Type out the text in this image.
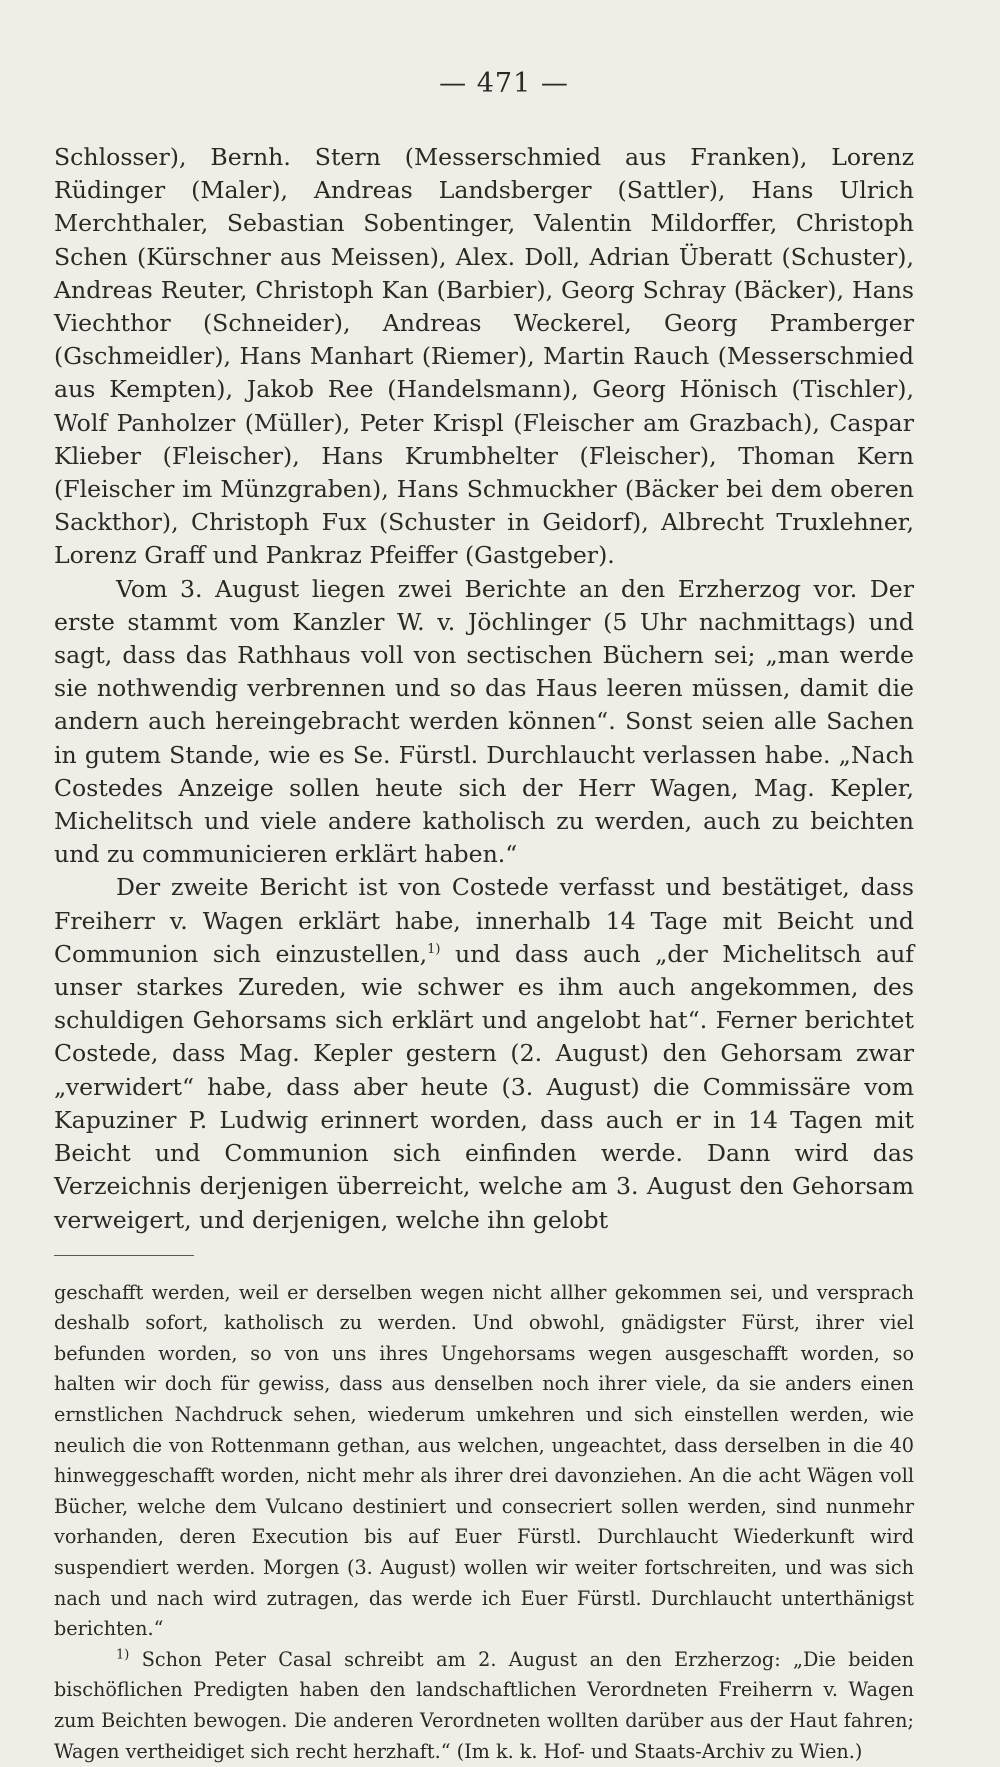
— 471 —

Schlosser), Bernh. Stern (Messerschmied aus Franken), Lorenz Rüdinger (Maler), Andreas Landsberger (Sattler), Hans Ulrich Merchthaler, Sebastian Sobentinger, Valentin Mildorffer, Christoph Schen (Kürschner aus Meissen), Alex. Doll, Adrian Überatt (Schuster), Andreas Reuter, Christoph Kan (Barbier), Georg Schray (Bäcker), Hans Viechthor (Schneider), Andreas Weckerel, Georg Pramberger (Gschmeidler), Hans Manhart (Riemer), Martin Rauch (Messerschmied aus Kempten), Jakob Ree (Handelsmann), Georg Hönisch (Tischler), Wolf Panholzer (Müller), Peter Krispl (Fleischer am Grazbach), Caspar Klieber (Fleischer), Hans Krumbhelter (Fleischer), Thoman Kern (Fleischer im Münzgraben), Hans Schmuckher (Bäcker bei dem oberen Sackthor), Christoph Fux (Schuster in Geidorf), Albrecht Truxlehner, Lorenz Graff und Pankraz Pfeiffer (Gastgeber).

Vom 3. August liegen zwei Berichte an den Erzherzog vor. Der erste stammt vom Kanzler W. v. Jöchlinger (5 Uhr nachmittags) und sagt, dass das Rathhaus voll von sectischen Büchern sei; „man werde sie nothwendig verbrennen und so das Haus leeren müssen, damit die andern auch hereingebracht werden können“. Sonst seien alle Sachen in gutem Stande, wie es Se. Fürstl. Durchlaucht verlassen habe. „Nach Costedes Anzeige sollen heute sich der Herr Wagen, Mag. Kepler, Michelitsch und viele andere katholisch zu werden, auch zu beichten und zu communicieren erklärt haben.“

Der zweite Bericht ist von Costede verfasst und bestätiget, dass Freiherr v. Wagen erklärt habe, innerhalb 14 Tage mit Beicht und Communion sich einzustellen,$^{1)}$ und dass auch „der Michelitsch auf unser starkes Zureden, wie schwer es ihm auch angekommen, des schuldigen Gehorsams sich erklärt und angelobt hat“. Ferner berichtet Costede, dass Mag. Kepler gestern (2. August) den Gehorsam zwar „verwidert“ habe, dass aber heute (3. August) die Commissäre vom Kapuziner P. Ludwig erinnert worden, dass auch er in 14 Tagen mit Beicht und Communion sich einfinden werde. Dann wird das Verzeichnis derjenigen überreicht, welche am 3. August den Gehorsam verweigert, und derjenigen, welche ihn gelobt

geschafft werden, weil er derselben wegen nicht allher gekommen sei, und versprach deshalb sofort, katholisch zu werden. Und obwohl, gnädigster Fürst, ihrer viel befunden worden, so von uns ihres Ungehorsams wegen ausgeschafft worden, so halten wir doch für gewiss, dass aus denselben noch ihrer viele, da sie anders einen ernstlichen Nachdruck sehen, wiederum umkehren und sich einstellen werden, wie neulich die von Rottenmann gethan, aus welchen, ungeachtet, dass derselben in die 40 hinweggeschafft worden, nicht mehr als ihrer drei davonziehen. An die acht Wägen voll Bücher, welche dem Vulcano destiniert und consecriert sollen werden, sind nunmehr vorhanden, deren Execution bis auf Euer Fürstl. Durchlaucht Wiederkunft wird suspendiert werden. Morgen (3. August) wollen wir weiter fortschreiten, und was sich nach und nach wird zutragen, das werde ich Euer Fürstl. Durchlaucht unterthänigst berichten.“

$^{1)}$ Schon Peter Casal schreibt am 2. August an den Erzherzog: „Die beiden bischöflichen Predigten haben den landschaftlichen Verordneten Freiherrn v. Wagen zum Beichten bewogen. Die anderen Verordneten wollten darüber aus der Haut fahren; Wagen vertheidiget sich recht herzhaft.“ (Im k. k. Hof- und Staats-Archiv zu Wien.)
